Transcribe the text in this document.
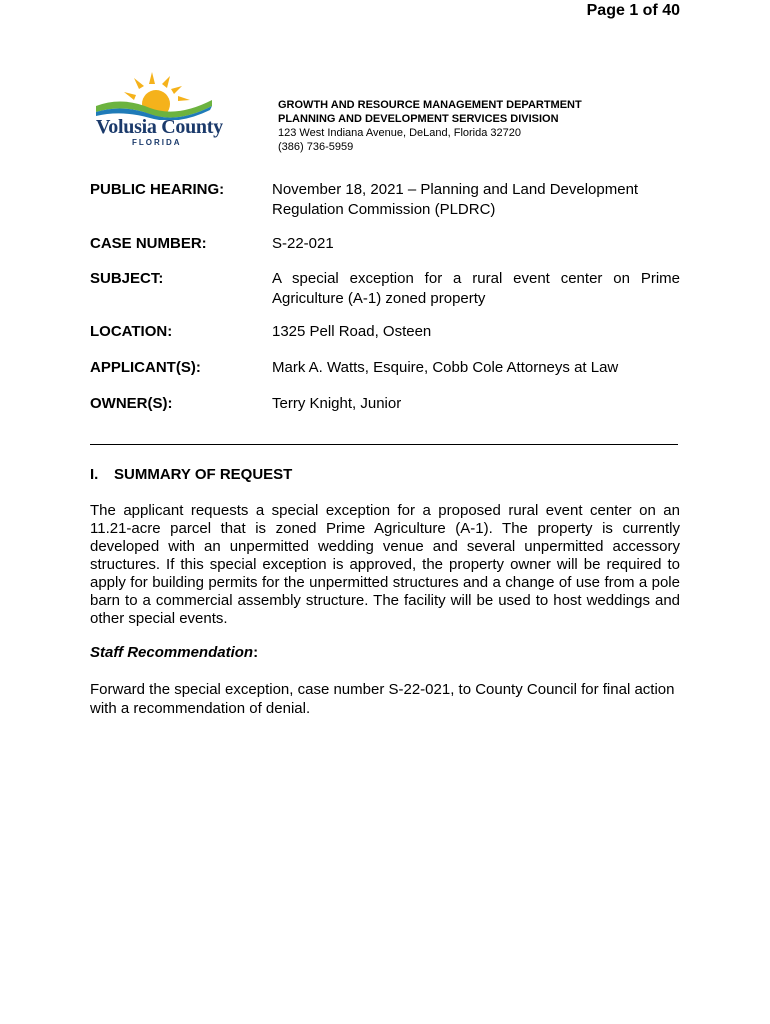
Page 1 of 40
Volusia County
FLORIDA
GROWTH AND RESOURCE MANAGEMENT DEPARTMENT
PLANNING AND DEVELOPMENT SERVICES DIVISION
123 West Indiana Avenue, DeLand, Florida 32720
(386) 736-5959
PUBLIC HEARING:	November 18, 2021 – Planning and Land Development Regulation Commission (PLDRC)
CASE NUMBER:	S-22-021
SUBJECT:	A special exception for a rural event center on Prime Agriculture (A-1) zoned property
LOCATION:	1325 Pell Road, Osteen
APPLICANT(S):	Mark A. Watts, Esquire, Cobb Cole Attorneys at Law
OWNER(S):	Terry Knight, Junior
I. SUMMARY OF REQUEST
The applicant requests a special exception for a proposed rural event center on an 11.21-acre parcel that is zoned Prime Agriculture (A-1). The property is currently developed with an unpermitted wedding venue and several unpermitted accessory structures. If this special exception is approved, the property owner will be required to apply for building permits for the unpermitted structures and a change of use from a pole barn to a commercial assembly structure. The facility will be used to host weddings and other special events.
Staff Recommendation:
Forward the special exception, case number S-22-021, to County Council for final action with a recommendation of denial.
